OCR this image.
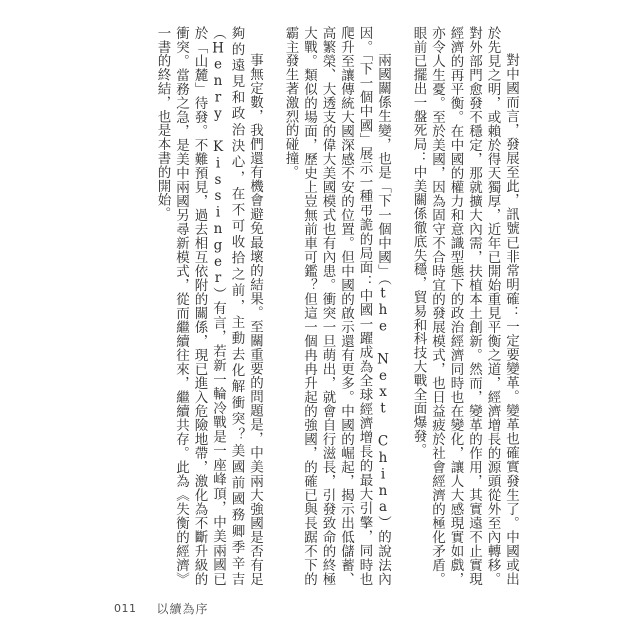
對中國而言，發展至此，訊號已非常明確：一定要變革。變革也確實發生了。中國或出於先見之明，或賴於得天獨厚，近年已開始重見平衡之道，經濟增長的源頭從外至內轉移。對外部門愈發不穩定，那就擴大內需，扶植本土創新。然而，變革的作用，其實遠不止實現經濟的再平衡。在中國的權力和意識型態下的政治經濟同時也在變化，讓人大感現實如戲，亦令人生憂。至於美國，因為固守不合時宜的發展模式，也日益疲於社會經濟的極化矛盾。眼前已擺出一盤死局：中美關係徹底失穩，貿易和科技大戰全面爆發。

兩國關係生變，也是「下一個中國」（the Next China）的說法內因。「下一個中國」展示一種弔詭的局面：中國一躍成為全球經濟增長的最大引擎，同時也爬升至讓傳統大國深感不安的位置。但中國的啟示還有更多。中國的崛起，揭示出低儲蓄、高繁榮、大透支的偉大美國模式也有內患。衝突一旦萌出，就會自行滋長，引發致命的終極大戰。類似的場面，歷史上豈無前車可鑑？但這一個冉冉升起的強國，的確已與長踞不下的霸主發生著激烈的碰撞。

事無定數，我們還有機會避免最壞的結果。至關重要的問題是，中美兩大強國是否有足夠的遠見和政治決心，在不可收拾之前，主動去化解衝突？美國前國務卿季辛吉（Henry Kissinger）有言，若新一輪冷戰是一座峰頂，中美兩國已於「山麓」待發。不難預見，過去相互依附的關係，現已進入危險地帶，激化為不斷升級的衝突。當務之急，是美中兩國另尋新模式，從而繼續往來，繼續共存。此為《失衡的經濟》一書的終結，也是本書的開始。

011 以續為序
